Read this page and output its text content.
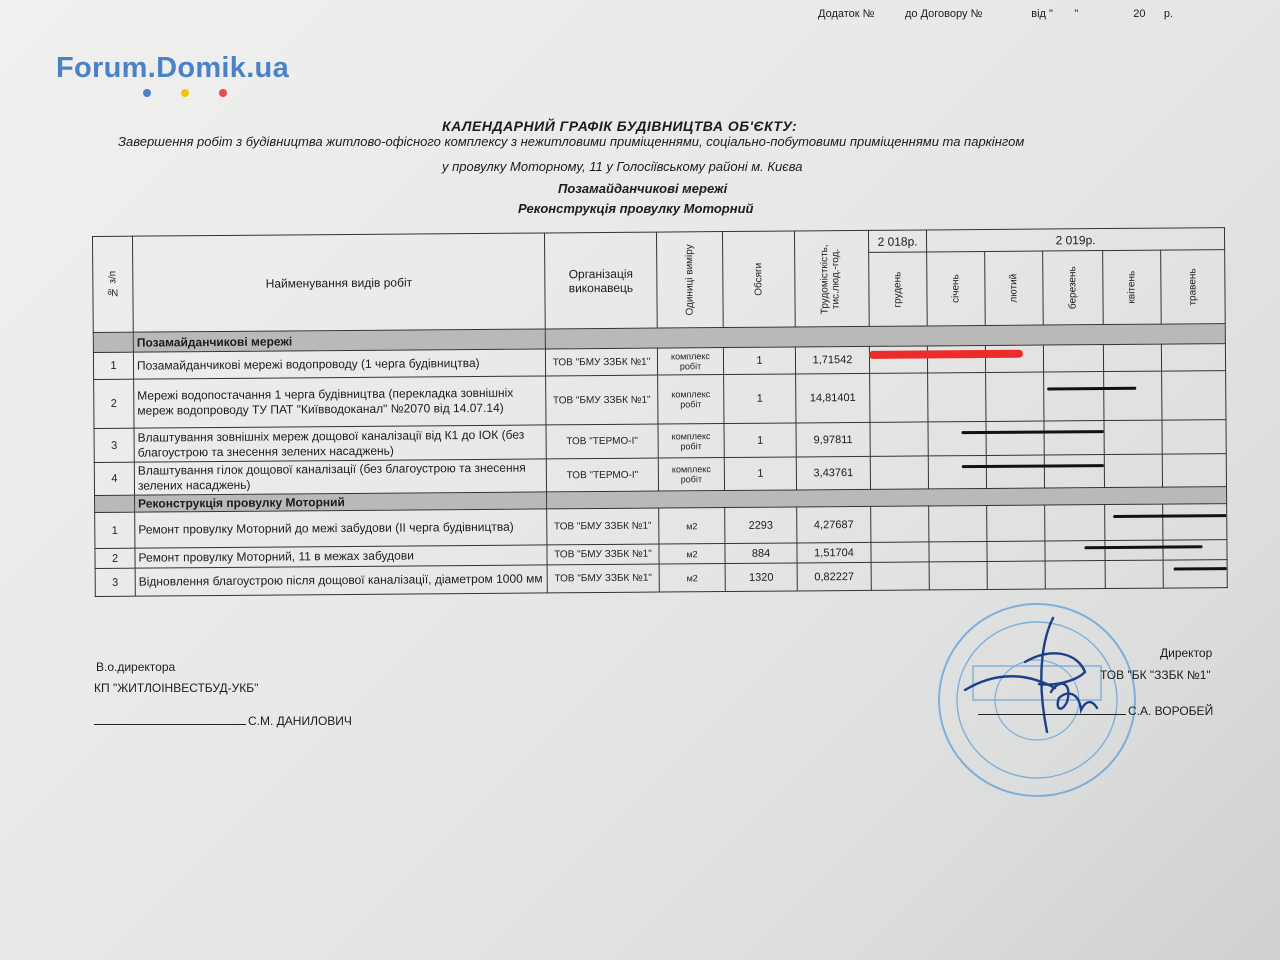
Додаток №          до Договору №                від "       "                  20      р.
Forum.Domik.ua
КАЛЕНДАРНИЙ ГРАФІК БУДІВНИЦТВА ОБ'ЄКТУ:
Завершення робіт з будівництва житлово-офісного комплексу з нежитловими приміщеннями, соціально-побутовими приміщеннями та паркінгом
у провулку Моторному, 11 у Голосіївському районі м. Києва
Позамайданчикові мережі
Реконструкція провулку Моторний
№ з/п	Найменування видів робіт	Організація виконавець	Одиниці виміру	Обсяги	Трудомісткість, тис.люд.-год.	2 018р.	2 019р.				

						грудень	січень	лютий	березень	квітень	травень

	Позамайданчикові мережі										
1	Позамайданчикові мережі водопроводу (1 черга будівництва)	ТОВ "БМУ ЗЗБК №1"	комплекс робіт	1	1,71542						
2	Мережі водопостачання 1 черга будівництва (перекладка зовнішніх мереж водопроводу ТУ ПАТ "Київводоканал" №2070 від 14.07.14)	ТОВ "БМУ ЗЗБК №1"	комплекс робіт	1	14,81401						
3	Влаштування зовнішніх мереж дощової каналізації від К1 до ІОК (без благоустрою та знесення зелених насаджень)	ТОВ "ТЕРМО-І"	комплекс робіт	1	9,97811						
4	Влаштування гілок дощової каналізації (без благоустрою та знесення зелених насаджень)	ТОВ "ТЕРМО-І"	комплекс робіт	1	3,43761						
	Реконструкція провулку Моторний										
1	Ремонт провулку Моторний до межі забудови (ІІ черга будівництва)	ТОВ "БМУ ЗЗБК №1"	м2	2293	4,27687						
2	Ремонт провулку Моторний, 11 в межах забудови	ТОВ "БМУ ЗЗБК №1"	м2	884	1,51704						
3	Відновлення благоустрою після дощової каналізації, діаметром 1000 мм	ТОВ "БМУ ЗЗБК №1"	м2	1320	0,82227						
В.о.директора
КП "ЖИТЛОІНВЕСТБУД-УКБ"
С.М. ДАНИЛОВИЧ
Директор
ТОВ "БК "ЗЗБК №1"
С.А. ВОРОБЕЙ
